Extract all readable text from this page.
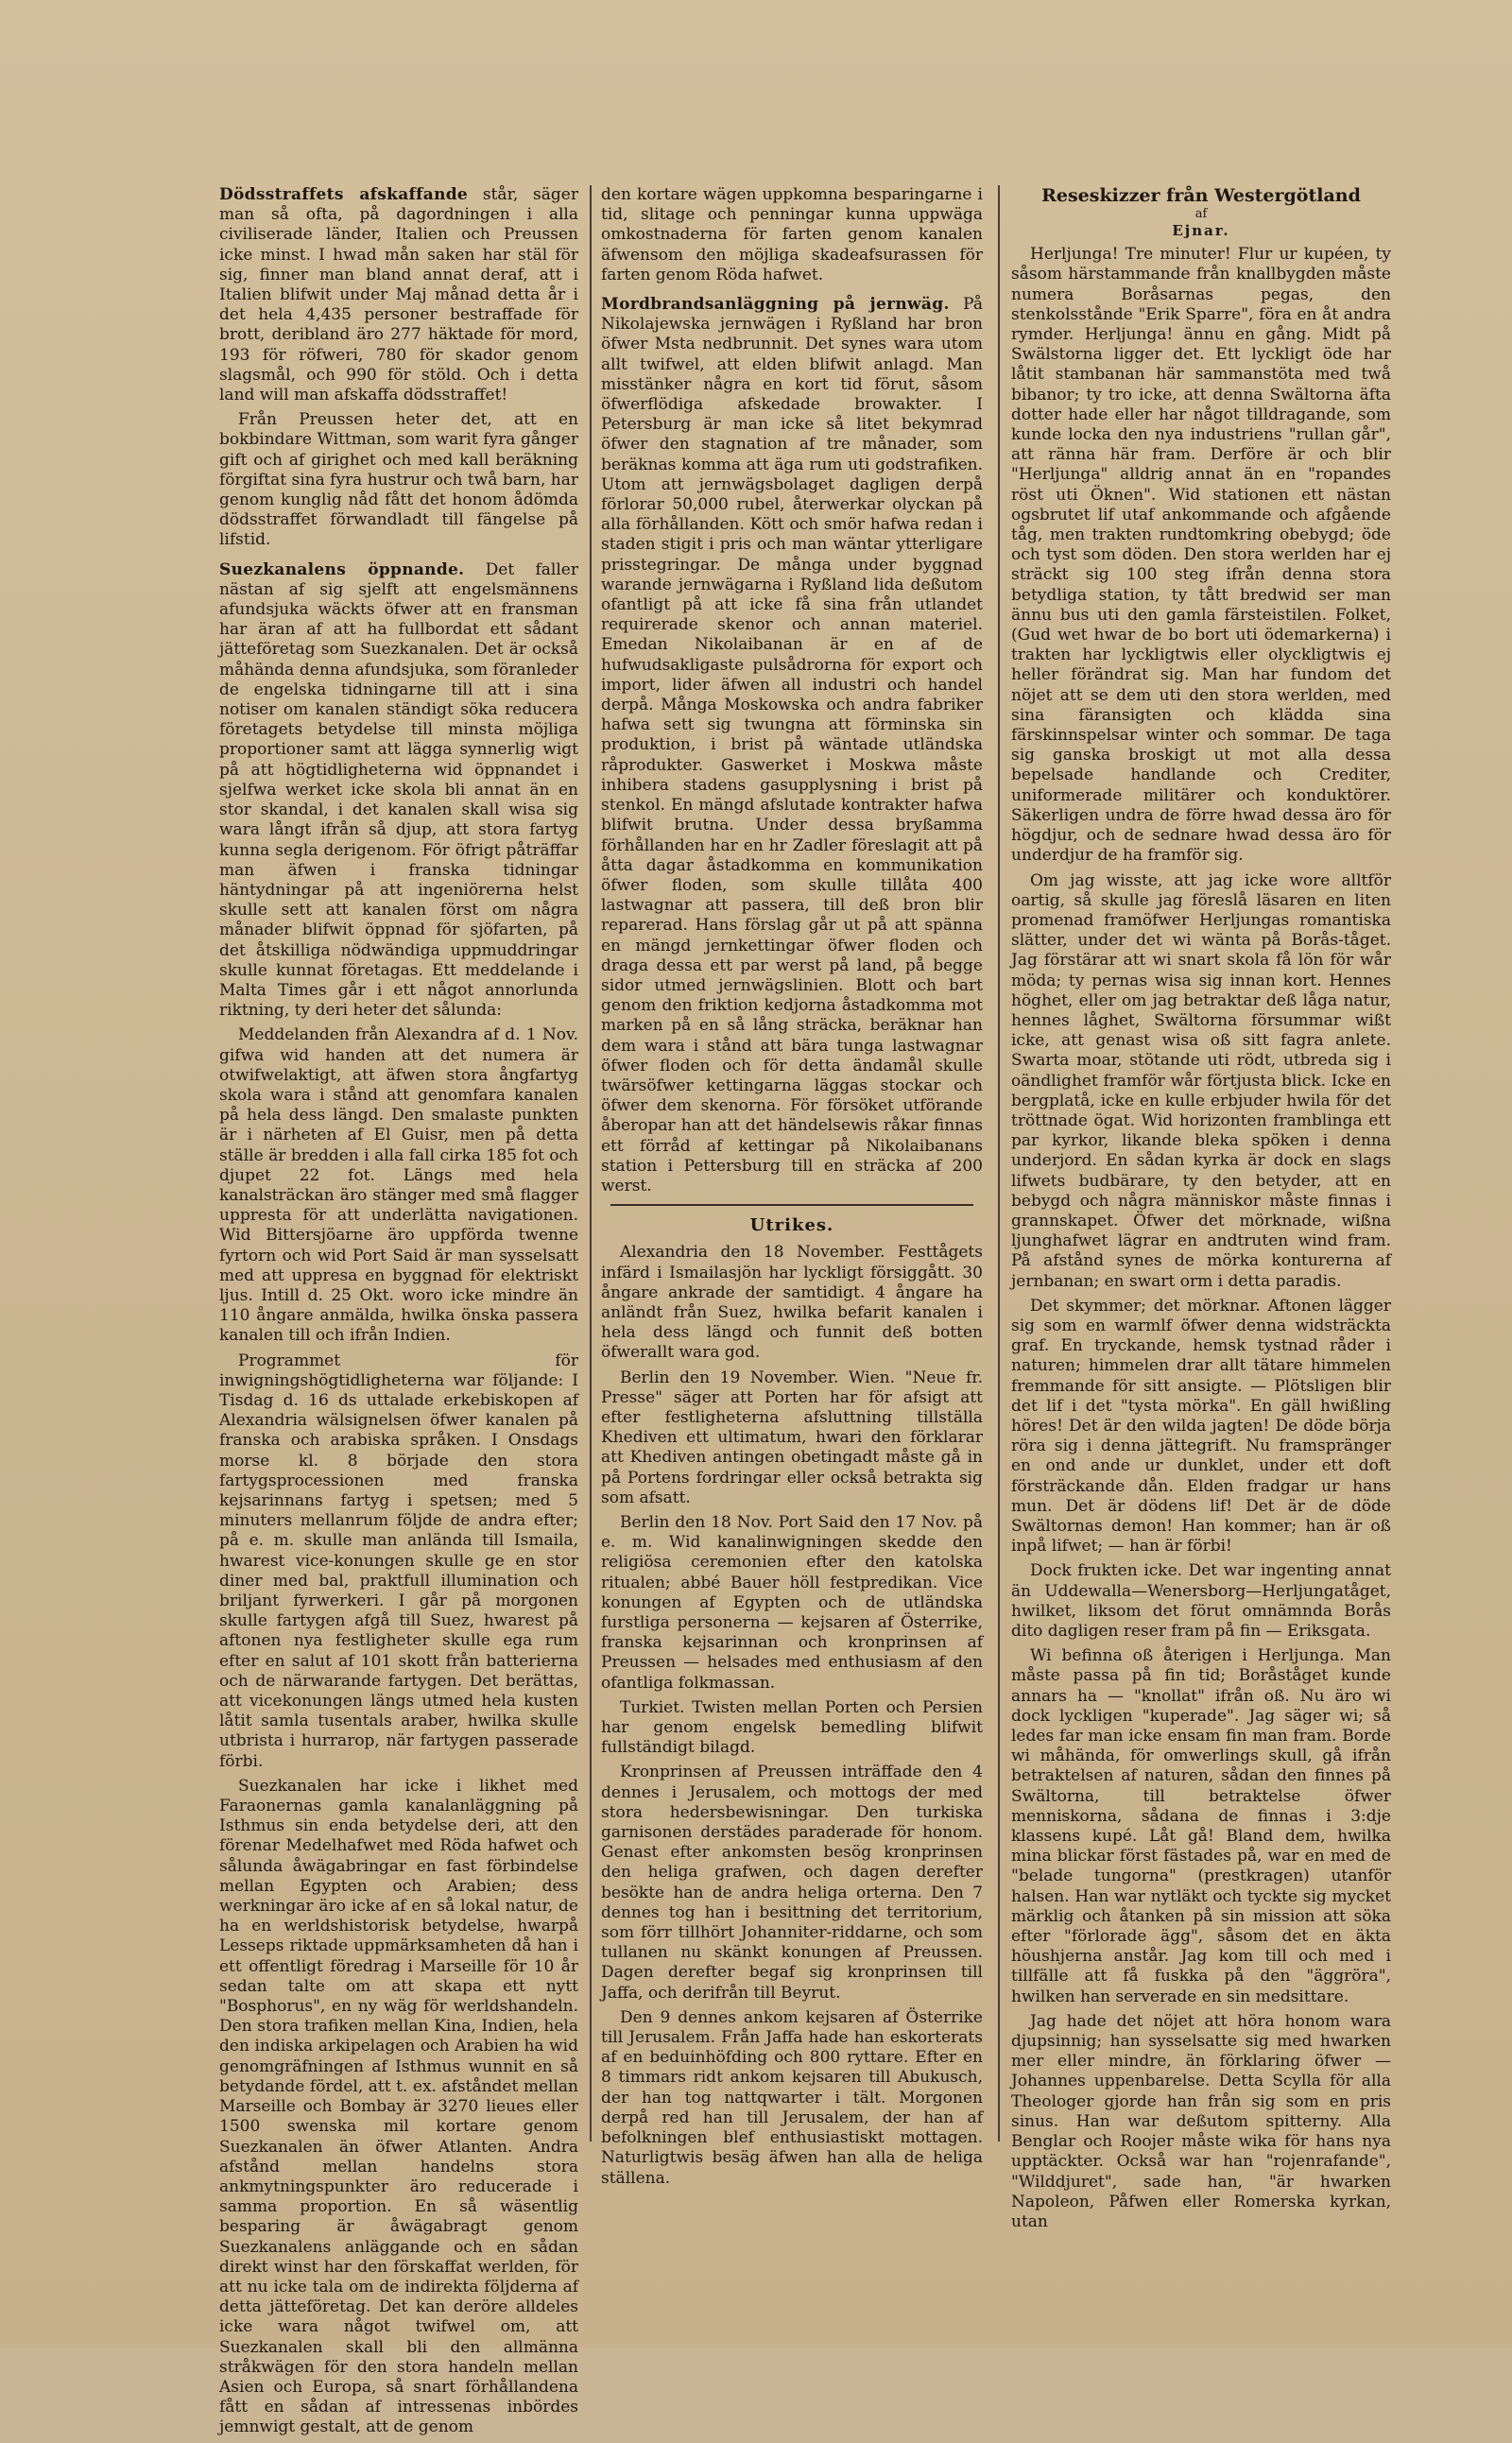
Dödsstraffets afskaffande står, säger man så ofta, på dagordningen i alla civiliserade länder, Italien och Preussen icke minst. I hwad mån saken har stäl för sig, finner man bland annat deraf, att i Italien blifwit under Maj månad detta år i det hela 4,435 personer bestraffade för brott, deribland äro 277 häktade för mord, 193 för röfweri, 780 för skador genom slagsmål, och 990 för stöld. Och i detta land will man afskaffa dödsstraffet!

Från Preussen heter det, att en bokbindare Wittman, som warit fyra gånger gift och af girighet och med kall beräkning förgiftat sina fyra hustrur och twå barn, har genom kunglig nåd fått det honom ådömda dödsstraffet förwandladt till fängelse på lifstid.

Suezkanalens öppnande. Det faller nästan af sig sjelft att engelsmännens afundsjuka wäckts öfwer att en fransman har äran af att ha fullbordat ett sådant jätteföretag som Suezkanalen. Det är också måhända denna afundsjuka, som föranleder de engelska tidningarne till att i sina notiser om kanalen ständigt söka reducera företagets betydelse till minsta möjliga proportioner samt att lägga synnerlig wigt på att högtidligheterna wid öppnandet i sjelfwa werket icke skola bli annat än en stor skandal, i det kanalen skall wisa sig wara långt ifrån så djup, att stora fartyg kunna segla derigenom. För öfrigt påträffar man äfwen i franska tidningar häntydningar på att ingeniörerna helst skulle sett att kanalen först om några månader blifwit öppnad för sjöfarten, på det åtskilliga nödwändiga uppmuddringar skulle kunnat företagas. Ett meddelande i Malta Times går i ett något annorlunda riktning, ty deri heter det sålunda:

Meddelanden från Alexandra af d. 1 Nov. gifwa wid handen att det numera är otwifwelaktigt, att äfwen stora ångfartyg skola wara i stånd att genomfara kanalen på hela dess längd. Den smalaste punkten är i närheten af El Guisr, men på detta ställe är bredden i alla fall cirka 185 fot och djupet 22 fot. Längs med hela kanalsträckan äro stänger med små flagger uppresta för att underlätta navigationen. Wid Bittersjöarne äro uppförda twenne fyrtorn och wid Port Said är man sysselsatt med att uppresa en byggnad för elektriskt ljus. Intill d. 25 Okt. woro icke mindre än 110 ångare anmälda, hwilka önska passera kanalen till och ifrån Indien.

Programmet för inwigningshögtidligheterna war följande: I Tisdag d. 16 ds uttalade erkebiskopen af Alexandria wälsignelsen öfwer kanalen på franska och arabiska språken. I Onsdags morse kl. 8 började den stora fartygsprocessionen med franska kejsarinnans fartyg i spetsen; med 5 minuters mellanrum följde de andra efter; på e. m. skulle man anlända till Ismaila, hwarest vice-konungen skulle ge en stor diner med bal, praktfull illumination och briljant fyrwerkeri. I går på morgonen skulle fartygen afgå till Suez, hwarest på aftonen nya festligheter skulle ega rum efter en salut af 101 skott från batterierna och de närwarande fartygen. Det berättas, att vicekonungen längs utmed hela kusten låtit samla tusentals araber, hwilka skulle utbrista i hurrarop, när fartygen passerade förbi.

Suezkanalen har icke i likhet med Faraonernas gamla kanalanläggning på Isthmus sin enda betydelse deri, att den förenar Medelhafwet med Röda hafwet och sålunda åwägabringar en fast förbindelse mellan Egypten och Arabien; dess werkningar äro icke af en så lokal natur, de ha en werldshistorisk betydelse, hwarpå Lesseps riktade uppmärksamheten då han i ett offentligt föredrag i Marseille för 10 år sedan talte om att skapa ett nytt "Bosphorus", en ny wäg för werldshandeln. Den stora trafiken mellan Kina, Indien, hela den indiska arkipelagen och Arabien ha wid genomgräfningen af Isthmus wunnit en så betydande fördel, att t. ex. afståndet mellan Marseille och Bombay är 3270 lieues eller 1500 swenska mil kortare genom Suezkanalen än öfwer Atlanten. Andra afstånd mellan handelns stora ankmytningspunkter äro reducerade i samma proportion. En så wäsentlig besparing är åwägabragt genom Suezkanalens anläggande och en sådan direkt winst har den förskaffat werlden, för att nu icke tala om de indirekta följderna af detta jätteföretag. Det kan deröre alldeles icke wara något twifwel om, att Suezkanalen skall bli den allmänna stråkwägen för den stora handeln mellan Asien och Europa, så snart förhållandena fått en sådan af intressenas inbördes jemnwigt gestalt, att de genom

den kortare wägen uppkomna besparingarne i tid, slitage och penningar kunna uppwäga omkostnaderna för farten genom kanalen äfwensom den möjliga skadeafsurassen för farten genom Röda hafwet.

Mordbrandsanläggning på jernwäg. På Nikolajewska jernwägen i Ryßland har bron öfwer Msta nedbrunnit. Det synes wara utom allt twifwel, att elden blifwit anlagd. Man misstänker några en kort tid förut, såsom öfwerflödiga afskedade browakter. I Petersburg är man icke så litet bekymrad öfwer den stagnation af tre månader, som beräknas komma att äga rum uti godstrafiken. Utom att jernwägsbolaget dagligen derpå förlorar 50,000 rubel, återwerkar olyckan på alla förhållanden. Kött och smör hafwa redan i staden stigit i pris och man wäntar ytterligare prisstegringar. De många under byggnad warande jernwägarna i Ryßland lida deßutom ofantligt på att icke få sina från utlandet requirerade skenor och annan materiel. Emedan Nikolaibanan är en af de hufwudsakligaste pulsådrorna för export och import, lider äfwen all industri och handel derpå. Många Moskowska och andra fabriker hafwa sett sig twungna att förminska sin produktion, i brist på wäntade utländska råprodukter. Gaswerket i Moskwa måste inhibera stadens gasupplysning i brist på stenkol. En mängd afslutade kontrakter hafwa blifwit brutna. Under dessa bryßamma förhållanden har en hr Zadler föreslagit att på åtta dagar åstadkomma en kommunikation öfwer floden, som skulle tillåta 400 lastwagnar att passera, till deß bron blir reparerad. Hans förslag går ut på att spänna en mängd jernkettingar öfwer floden och draga dessa ett par werst på land, på begge sidor utmed jernwägslinien. Blott och bart genom den friktion kedjorna åstadkomma mot marken på en så lång sträcka, beräknar han dem wara i stånd att bära tunga lastwagnar öfwer floden och för detta ändamål skulle twärsöfwer kettingarna läggas stockar och öfwer dem skenorna. För försöket utförande åberopar han att det händelsewis råkar finnas ett förråd af kettingar på Nikolaibanans station i Pettersburg till en sträcka af 200 werst.

Utrikes.

Alexandria den 18 November. Festtågets infärd i Ismailasjön har lyckligt försiggått. 30 ångare ankrade der samtidigt. 4 ångare ha anländt från Suez, hwilka befarit kanalen i hela dess längd och funnit deß botten öfwerallt wara god.

Berlin den 19 November. Wien. "Neue fr. Presse" säger att Porten har för afsigt att efter festligheterna afsluttning tillställa Khediven ett ultimatum, hwari den förklarar att Khediven antingen obetingadt måste gå in på Portens fordringar eller också betrakta sig som afsatt.

Berlin den 18 Nov. Port Said den 17 Nov. på e. m. Wid kanalinwigningen skedde den religiösa ceremonien efter den katolska ritualen; abbé Bauer höll festpredikan. Vice konungen af Egypten och de utländska furstliga personerna — kejsaren af Österrike, franska kejsarinnan och kronprinsen af Preussen — helsades med enthusiasm af den ofantliga folkmassan.

Turkiet. Twisten mellan Porten och Persien har genom engelsk bemedling blifwit fullständigt bilagd.

Kronprinsen af Preussen inträffade den 4 dennes i Jerusalem, och mottogs der med stora hedersbewisningar. Den turkiska garnisonen derstädes paraderade för honom. Genast efter ankomsten besög kronprinsen den heliga grafwen, och dagen derefter besökte han de andra heliga orterna. Den 7 dennes tog han i besittning det territorium, som förr tillhört Johanniter-riddarne, och som tullanen nu skänkt konungen af Preussen. Dagen derefter begaf sig kronprinsen till Jaffa, och derifrån till Beyrut.

Den 9 dennes ankom kejsaren af Österrike till Jerusalem. Från Jaffa hade han eskorterats af en beduinhöfding och 800 ryttare. Efter en 8 timmars ridt ankom kejsaren till Abukusch, der han tog nattqwarter i tält. Morgonen derpå red han till Jerusalem, der han af befolkningen blef enthusiastiskt mottagen. Naturligtwis besäg äfwen han alla de heliga ställena.

Reseskizzer från Westergötland
af
Ejnar.

Herljunga! Tre minuter! Flur ur kupéen, ty såsom härstammande från knallbygden måste numera Boråsarnas pegas, den stenkolsstånde "Erik Sparre", föra en åt andra rymder. Herljunga! ännu en gång. Midt på Swälstorna ligger det. Ett lyckligt öde har låtit stambanan här sammanstöta med twå bibanor; ty tro icke, att denna Swältorna äfta dotter hade eller har något tilldragande, som kunde locka den nya industriens "rullan går", att ränna här fram. Derföre är och blir "Herljunga" alldrig annat än en "ropandes röst uti Öknen". Wid stationen ett nästan ogsbrutet lif utaf ankommande och afgående tåg, men trakten rundtomkring obebygd; öde och tyst som döden. Den stora werlden har ej sträckt sig 100 steg ifrån denna stora betydliga station, ty tått bredwid ser man ännu bus uti den gamla färsteistilen. Folket, (Gud wet hwar de bo bort uti ödemarkerna) i trakten har lyckligtwis eller olyckligtwis ej heller förändrat sig. Man har fundom det nöjet att se dem uti den stora werlden, med sina färansigten och klädda sina färskinnspelsar winter och sommar. De taga sig ganska broskigt ut mot alla dessa bepelsade handlande och Crediter, uniformerade militärer och konduktörer. Säkerligen undra de förre hwad dessa äro för högdjur, och de sednare hwad dessa äro för underdjur de ha framför sig.

Om jag wisste, att jag icke wore alltför oartig, så skulle jag föreslå läsaren en liten promenad framöfwer Herljungas romantiska slätter, under det wi wänta på Borås-tåget. Jag förstärar att wi snart skola få lön för wår möda; ty pernas wisa sig innan kort. Hennes höghet, eller om jag betraktar deß låga natur, hennes låghet, Swältorna försummar wißt icke, att genast wisa oß sitt fagra anlete. Swarta moar, stötande uti rödt, utbreda sig i oändlighet framför wår förtjusta blick. Icke en bergplatå, icke en kulle erbjuder hwila för det tröttnade ögat. Wid horizonten framblinga ett par kyrkor, likande bleka spöken i denna underjord. En sådan kyrka är dock en slags lifwets budbärare, ty den betyder, att en bebygd och några människor måste finnas i grannskapet. Öfwer det mörknade, wißna ljunghafwet lägrar en andtruten wind fram. På afstånd synes de mörka konturerna af jernbanan; en swart orm i detta paradis.

Det skymmer; det mörknar. Aftonen lägger sig som en warmlf öfwer denna widsträckta graf. En tryckande, hemsk tystnad råder i naturen; himmelen drar allt tätare himmelen fremmande för sitt ansigte. — Plötsligen blir det lif i det "tysta mörka". En gäll hwißling höres! Det är den wilda jagten! De döde börja röra sig i denna jättegrift. Nu framspränger en ond ande ur dunklet, under ett doft försträckande dån. Elden fradgar ur hans mun. Det är dödens lif! Det är de döde Swältornas demon! Han kommer; han är oß inpå lifwet; — han är förbi!

Dock frukten icke. Det war ingenting annat än Uddewalla—Wenersborg—Herljungatåget, hwilket, liksom det förut omnämnda Borås dito dagligen reser fram på fin — Eriksgata.

Wi befinna oß återigen i Herljunga. Man måste passa på fin tid; Boråståget kunde annars ha — "knollat" ifrån oß. Nu äro wi dock lyckligen "kuperade". Jag säger wi; så ledes far man icke ensam fin man fram. Borde wi måhända, för omwerlings skull, gå ifrån betraktelsen af naturen, sådan den finnes på Swältorna, till betraktelse öfwer menniskorna, sådana de finnas i 3:dje klassens kupé. Låt gå! Bland dem, hwilka mina blickar först fästades på, war en med de "belade tungorna" (prestkragen) utanför halsen. Han war nytläkt och tyckte sig mycket märklig och åtanken på sin mission att söka efter "förlorade ägg", såsom det en äkta höushjerna anstår. Jag kom till och med i tillfälle att få fuskka på den "äggröra", hwilken han serverade en sin medsittare.

Jag hade det nöjet att höra honom wara djupsinnig; han sysselsatte sig med hwarken mer eller mindre, än förklaring öfwer — Johannes uppenbarelse. Detta Scylla för alla Theologer gjorde han från sig som en pris sinus. Han war deßutom spitterny. Alla Benglar och Roojer måste wika för hans nya upptäckter. Också war han "rojenrafande", "Wilddjuret", sade han, "är hwarken Napoleon, Påfwen eller Romerska kyrkan, utan
